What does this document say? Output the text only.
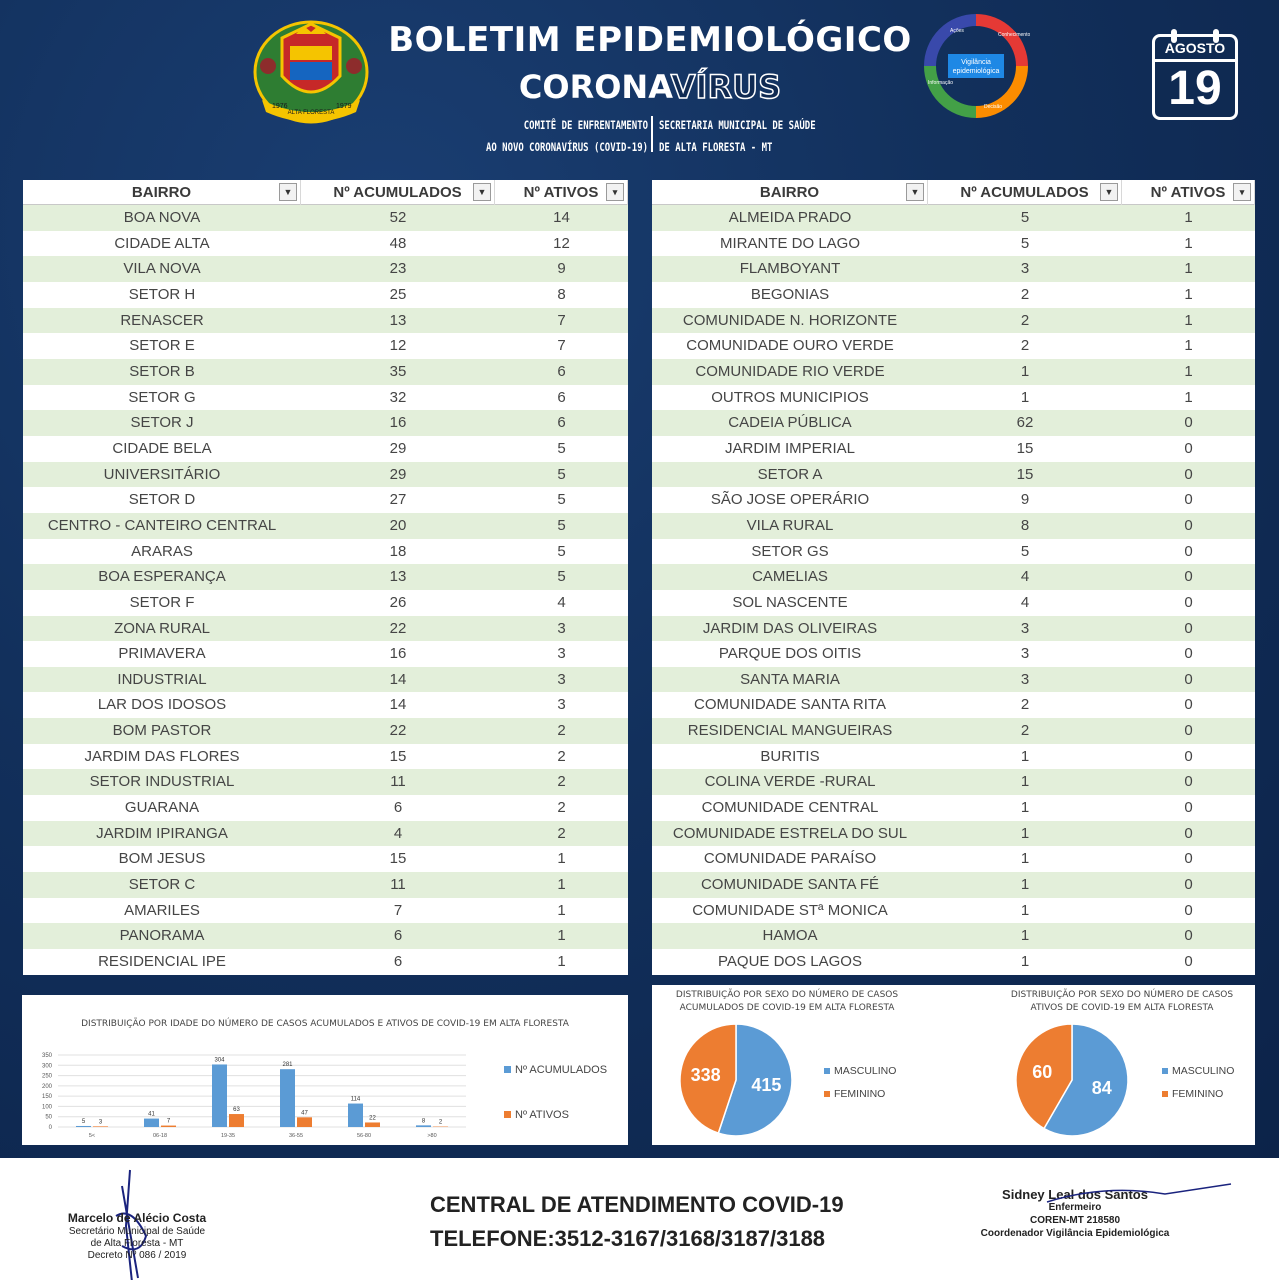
1976
ALTA FLORESTA
1979
BOLETIM EPIDEMIOLÓGICO
CORONAVÍRUS
COMITÊ DE ENFRENTAMENTO
AO NOVO CORONAVÍRUS (COVID-19)
SECRETARIA MUNICIPAL DE SAÚDE
DE ALTA FLORESTA - MT
Vigilância
epidemiológica
Ações
Conhecimento
Decisão
Informação
AGOSTO
19
BAIRRO	▼	Nº ACUMULADOS	▼	Nº ATIVOS	▾
BOA NOVA	52	14
CIDADE ALTA	48	12
VILA NOVA	23	9
SETOR H	25	8
RENASCER	13	7
SETOR E	12	7
SETOR B	35	6
SETOR G	32	6
SETOR J	16	6
CIDADE BELA	29	5
UNIVERSITÁRIO	29	5
SETOR D	27	5
CENTRO - CANTEIRO CENTRAL	20	5
ARARAS	18	5
BOA ESPERANÇA	13	5
SETOR F	26	4
ZONA RURAL	22	3
PRIMAVERA	16	3
INDUSTRIAL	14	3
LAR DOS IDOSOS	14	3
BOM PASTOR	22	2
JARDIM DAS FLORES	15	2
SETOR INDUSTRIAL	11	2
GUARANA	6	2
JARDIM IPIRANGA	4	2
BOM JESUS	15	1
SETOR C	11	1
AMARILES	7	1
PANORAMA	6	1
RESIDENCIAL IPE	6	1
BAIRRO	▼	Nº ACUMULADOS	▼	Nº ATIVOS	▾
ALMEIDA PRADO	5	1
MIRANTE DO LAGO	5	1
FLAMBOYANT	3	1
BEGONIAS	2	1
COMUNIDADE N. HORIZONTE	2	1
COMUNIDADE OURO VERDE	2	1
COMUNIDADE RIO VERDE	1	1
OUTROS MUNICIPIOS	1	1
CADEIA PÚBLICA	62	0
JARDIM IMPERIAL	15	0
SETOR A	15	0
SÃO JOSE OPERÁRIO	9	0
VILA RURAL	8	0
SETOR GS	5	0
CAMELIAS	4	0
SOL NASCENTE	4	0
JARDIM DAS OLIVEIRAS	3	0
PARQUE DOS OITIS	3	0
SANTA MARIA	3	0
COMUNIDADE SANTA RITA	2	0
RESIDENCIAL MANGUEIRAS	2	0
BURITIS	1	0
COLINA VERDE -RURAL	1	0
COMUNIDADE CENTRAL	1	0
COMUNIDADE ESTRELA DO SUL	1	0
COMUNIDADE PARAÍSO	1	0
COMUNIDADE SANTA FÉ	1	0
COMUNIDADE STª MONICA	1	0
HAMOA	1	0
PAQUE DOS LAGOS	1	0
DISTRIBUIÇÃO POR IDADE DO NÚMERO DE CASOS ACUMULADOS E ATIVOS DE COVID-19 EM ALTA FLORESTA
0
50
100
150
200
250
300
350
5 3
5<
41
7
06-18
304
63
19-35
281
47
36-55
114
22
56-80
8 2
>80
Nº ACUMULADOS
Nº ATIVOS
DISTRIBUIÇÃO POR SEXO DO NÚMERO DE CASOS ACUMULADOS DE COVID-19 EM ALTA FLORESTA
DISTRIBUIÇÃO POR SEXO DO NÚMERO DE CASOS ATIVOS DE COVID-19 EM ALTA FLORESTA
415
338	MASCULINO
FEMININO	84
60	MASCULINO
FEMININO
Marcelo de Alécio Costa
Secretário Municipal de Saúde
de Alta Floresta - MT
Decreto Nº 086 / 2019
CENTRAL DE ATENDIMENTO COVID-19
TELEFONE:3512-3167/3168/3187/3188
Sidney Leal dos Santos
Enfermeiro
COREN-MT 218580
Coordenador Vigilância Epidemiológica
